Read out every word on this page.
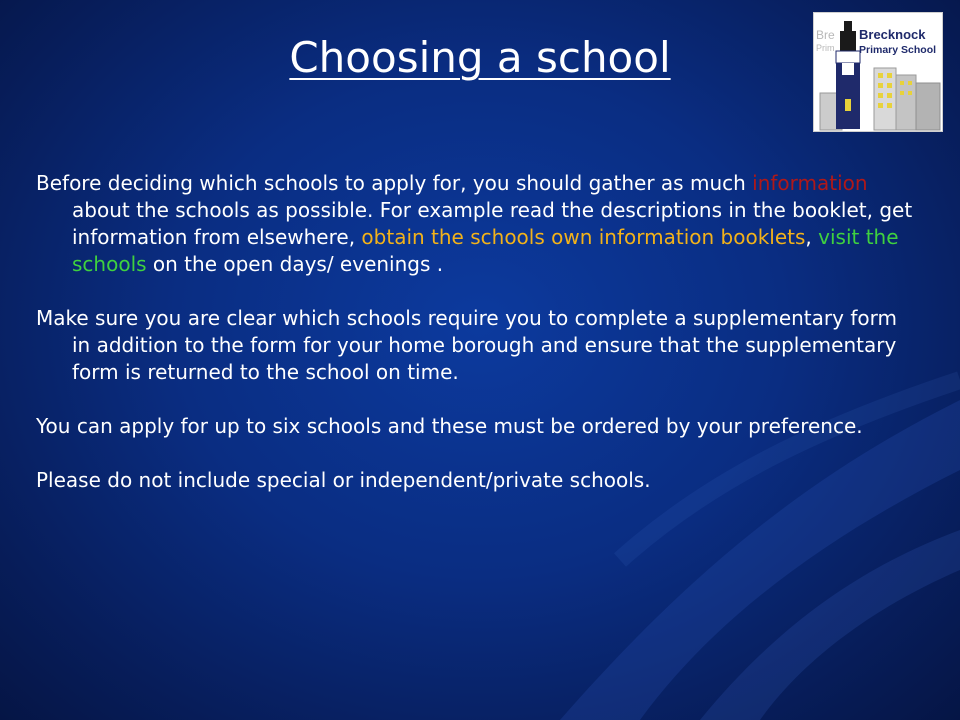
Choosing a school	Bre
Prim
Brecknock
Primary School

Before deciding which schools to apply for, you should gather as much information about the schools as possible. For example read the descriptions in the booklet, get information from elsewhere, obtain the schools own information booklets, visit the schools on the open days/ evenings .

Make sure you are clear which schools require you to complete a supplementary form in addition to the form for your home borough and ensure that the supplementary form is returned to the school on time.

You can apply for up to six schools and these must be ordered by your preference.

Please do not include special or independent/private schools.
